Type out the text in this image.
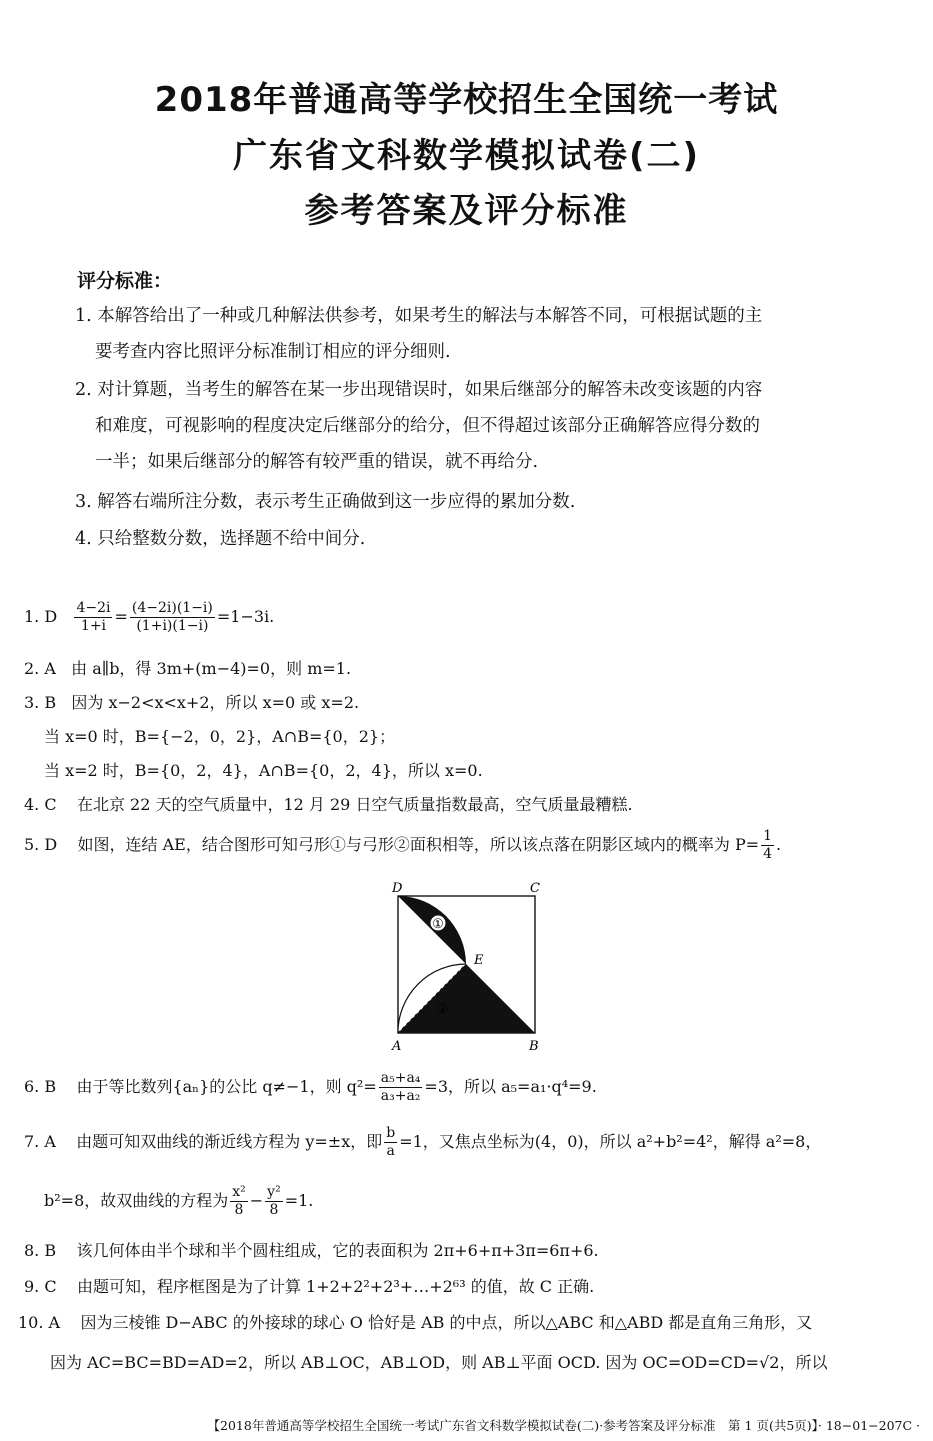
2018年普通高等学校招生全国统一考试
广东省文科数学模拟试卷(二)
参考答案及评分标准
评分标准：
1. 本解答给出了一种或几种解法供参考，如果考生的解法与本解答不同，可根据试题的主
要考查内容比照评分标准制订相应的评分细则.
2. 对计算题，当考生的解答在某一步出现错误时，如果后继部分的解答未改变该题的内容
和难度，可视影响的程度决定后继部分的给分，但不得超过该部分正确解答应得分数的
一半；如果后继部分的解答有较严重的错误，就不再给分.
3. 解答右端所注分数，表示考生正确做到这一步应得的累加分数.
4. 只给整数分数，选择题不给中间分.
1. D $\frac{4-2i}{1+i} = \frac{(4-2i)(1-i)}{(1+i)(1-i)} =1-3i$.
2. A 由 a∥b，得 3m+(m−4)=0，则 m=1.
3. B 因为 x−2<x<x+2，所以 x=0 或 x=2.
当 x=0 时，B={−2，0，2}，A∩B={0，2}；
当 x=2 时，B={0，2，4}，A∩B={0，2，4}，所以 x=0.
4. C 在北京 22 天的空气质量中，12 月 29 日空气质量指数最高，空气质量最糟糕.
5. D 如图，连结 AE，结合图形可知弓形①与弓形②面积相等，所以该点落在阴影区域内的概率为 $P= \frac{1}{4}$ .
①
②
D	C
A	B
E
6. B 由于等比数列{aₙ}的公比 q≠−1，则 $q^2= \frac{\text{a₅+a₄}}{\text{a₃+a₂}} =3$，所以 a₅=a₁·q⁴=9.
7. A 由题可知双曲线的渐近线方程为 y=±x，即 $\frac{b}{a} =1$，又焦点坐标为(4，0)，所以 a²+b²=4²，解得 a²=8，
b²=8，故双曲线的方程为 $\frac{\text{x²}}{8} - \frac{\text{y²}}{8} =1$.
8. B 该几何体由半个球和半个圆柱组成，它的表面积为 2π+6+π+3π=6π+6.
9. C 由题可知，程序框图是为了计算 1+2+2²+2³+…+2⁶³ 的值，故 C 正确.
10. A 因为三棱锥 D−ABC 的外接球的球心 O 恰好是 AB 的中点，所以△ABC 和△ABD 都是直角三角形，又
因为 AC=BC=BD=AD=2，所以 AB⊥OC，AB⊥OD，则 AB⊥平面 OCD. 因为 OC=OD=CD=√2，所以
【2018年普通高等学校招生全国统一考试广东省文科数学模拟试卷(二)·参考答案及评分标准　第 1 页(共5页)】· 18−01−207C ·
